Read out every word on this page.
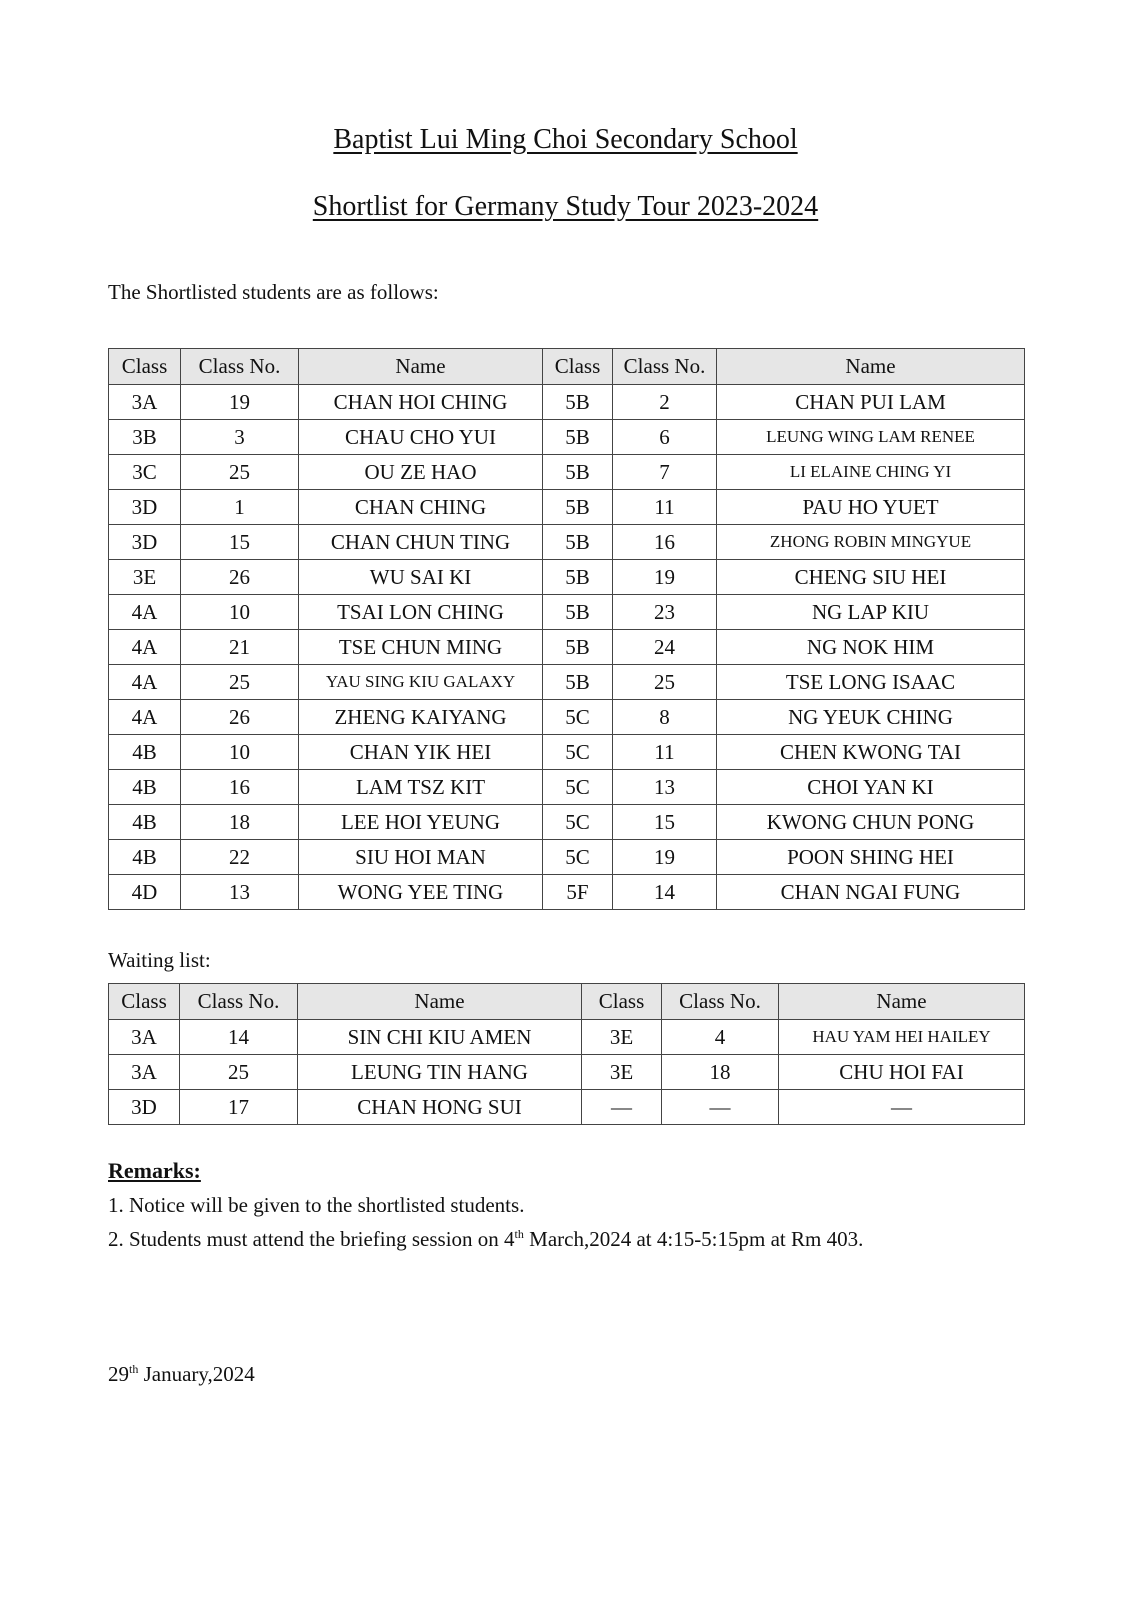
Baptist Lui Ming Choi Secondary School
Shortlist for Germany Study Tour 2023-2024
The Shortlisted students are as follows:
Class	Class No.	Name	Class	Class No.	Name
3A	19	CHAN HOI CHING	5B	2	CHAN PUI LAM
3B	3	CHAU CHO YUI	5B	6	LEUNG WING LAM RENEE
3C	25	OU ZE HAO	5B	7	LI ELAINE CHING YI
3D	1	CHAN CHING	5B	11	PAU HO YUET
3D	15	CHAN CHUN TING	5B	16	ZHONG ROBIN MINGYUE
3E	26	WU SAI KI	5B	19	CHENG SIU HEI
4A	10	TSAI LON CHING	5B	23	NG LAP KIU
4A	21	TSE CHUN MING	5B	24	NG NOK HIM
4A	25	YAU SING KIU GALAXY	5B	25	TSE LONG ISAAC
4A	26	ZHENG KAIYANG	5C	8	NG YEUK CHING
4B	10	CHAN YIK HEI	5C	11	CHEN KWONG TAI
4B	16	LAM TSZ KIT	5C	13	CHOI YAN KI
4B	18	LEE HOI YEUNG	5C	15	KWONG CHUN PONG
4B	22	SIU HOI MAN	5C	19	POON SHING HEI
4D	13	WONG YEE TING	5F	14	CHAN NGAI FUNG
Waiting list:
Class	Class No.	Name	Class	Class No.	Name
3A	14	SIN CHI KIU AMEN	3E	4	HAU YAM HEI HAILEY
3A	25	LEUNG TIN HANG	3E	18	CHU HOI FAI
3D	17	CHAN HONG SUI	—	—	—
Remarks:
1. Notice will be given to the shortlisted students.
2. Students must attend the briefing session on 4th March,2024 at 4:15-5:15pm at Rm 403.
29th January,2024
